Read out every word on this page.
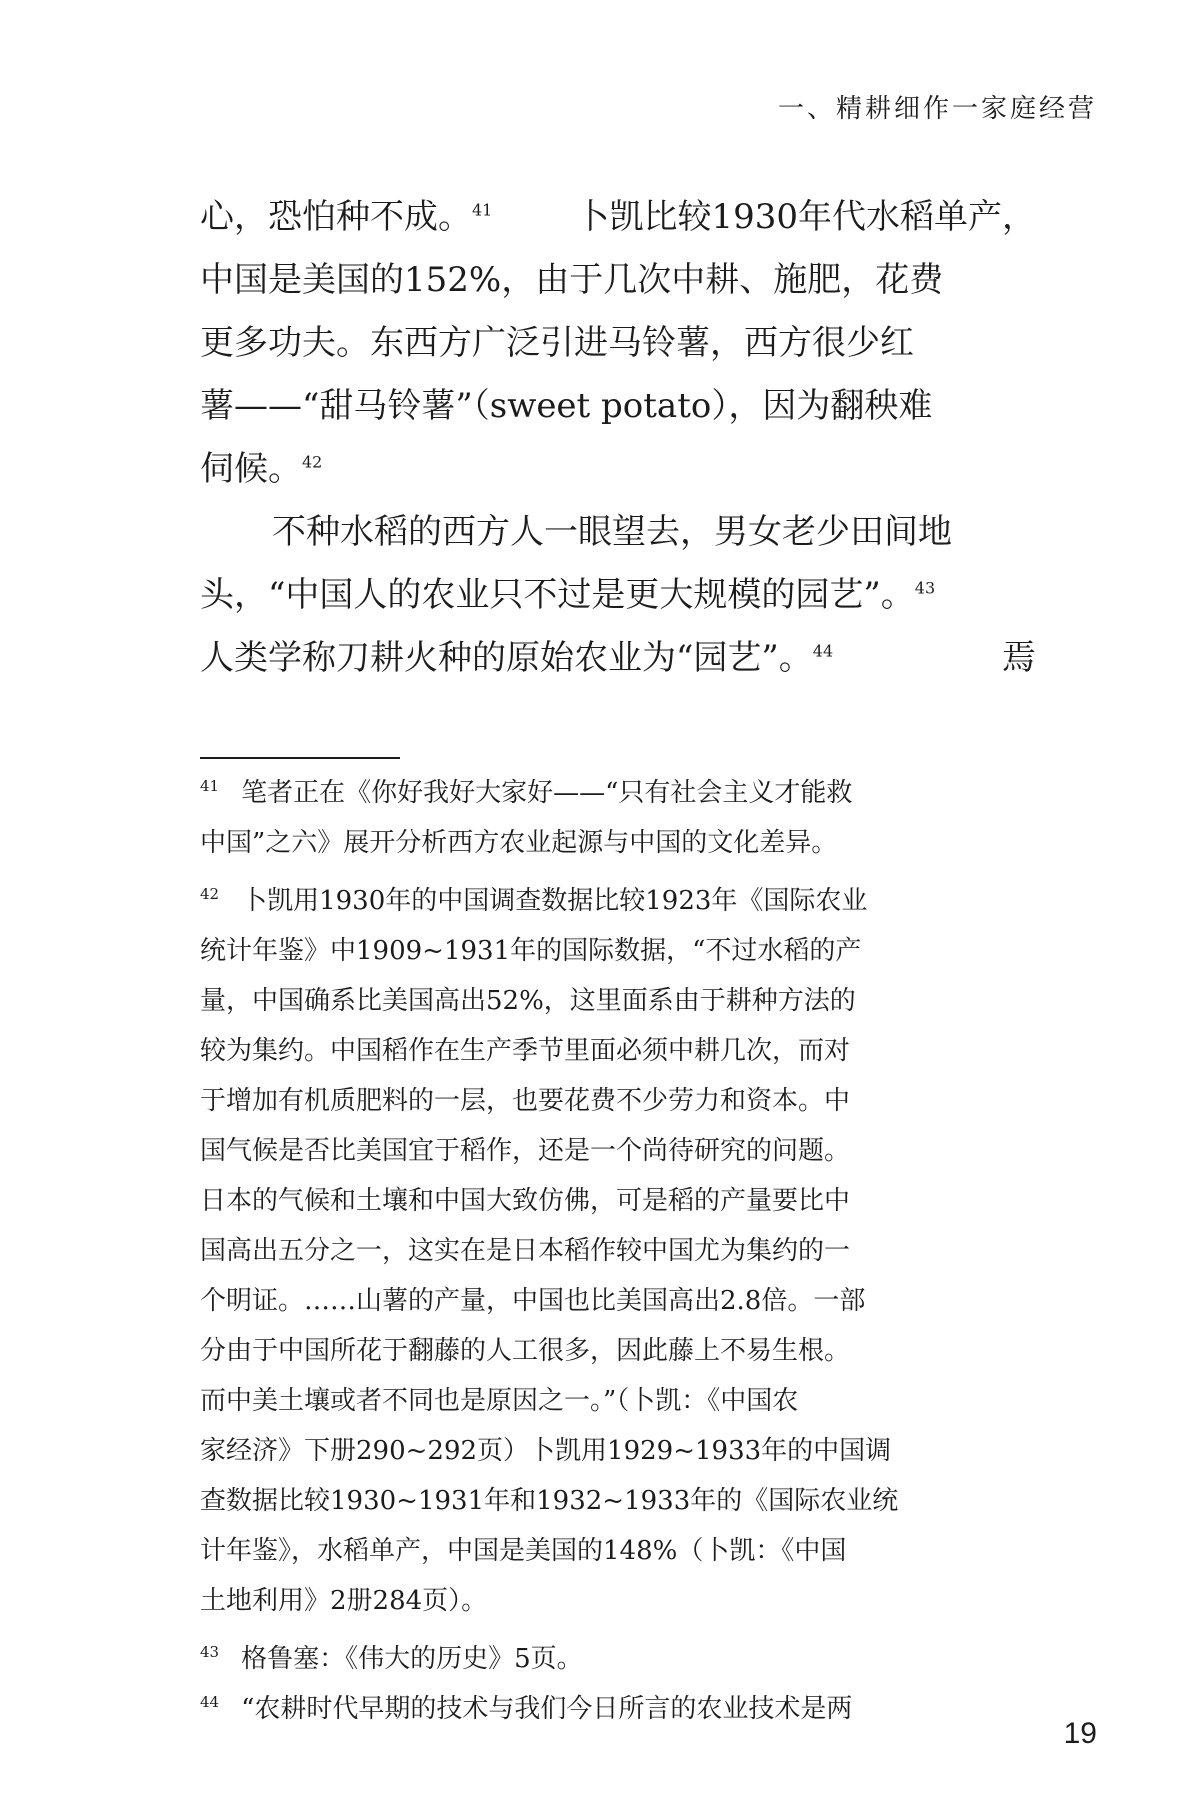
一、精耕细作一家庭经营
心，恐怕种不成。$^{41}$ 卜凯比较1930年代水稻单产，
中国是美国的152%，由于几次中耕、施肥，花费
更多功夫。东西方广泛引进马铃薯，西方很少红
薯——“甜马铃薯”（sweet potato），因为翻秧难
伺候。$^{42}$
不种水稻的西方人一眼望去，男女老少田间地
头，“中国人的农业只不过是更大规模的园艺”。$^{43}$
人类学称刀耕火种的原始农业为“园艺”。$^{44}$	焉
41 笔者正在《你好我好大家好——“只有社会主义才能救
中国”之六》展开分析西方农业起源与中国的文化差异。
42 卜凯用1930年的中国调查数据比较1923年《国际农业
统计年鉴》中1909~1931年的国际数据，“不过水稻的产
量，中国确系比美国高出52%，这里面系由于耕种方法的
较为集约。中国稻作在生产季节里面必须中耕几次，而对
于增加有机质肥料的一层，也要花费不少劳力和资本。中
国气候是否比美国宜于稻作，还是一个尚待研究的问题。
日本的气候和土壤和中国大致仿佛，可是稻的产量要比中
国高出五分之一，这实在是日本稻作较中国尤为集约的一
个明证。……山薯的产量，中国也比美国高出2.8倍。一部
分由于中国所花于翻藤的人工很多，因此藤上不易生根。
而中美土壤或者不同也是原因之一。”（卜凯：《中国农
家经济》下册290~292页）卜凯用1929~1933年的中国调
查数据比较1930~1931年和1932~1933年的《国际农业统
计年鉴》，水稻单产，中国是美国的148%（卜凯：《中国
土地利用》2册284页）。
43 格鲁塞：《伟大的历史》5页。
44 “农耕时代早期的技术与我们今日所言的农业技术是两
19
